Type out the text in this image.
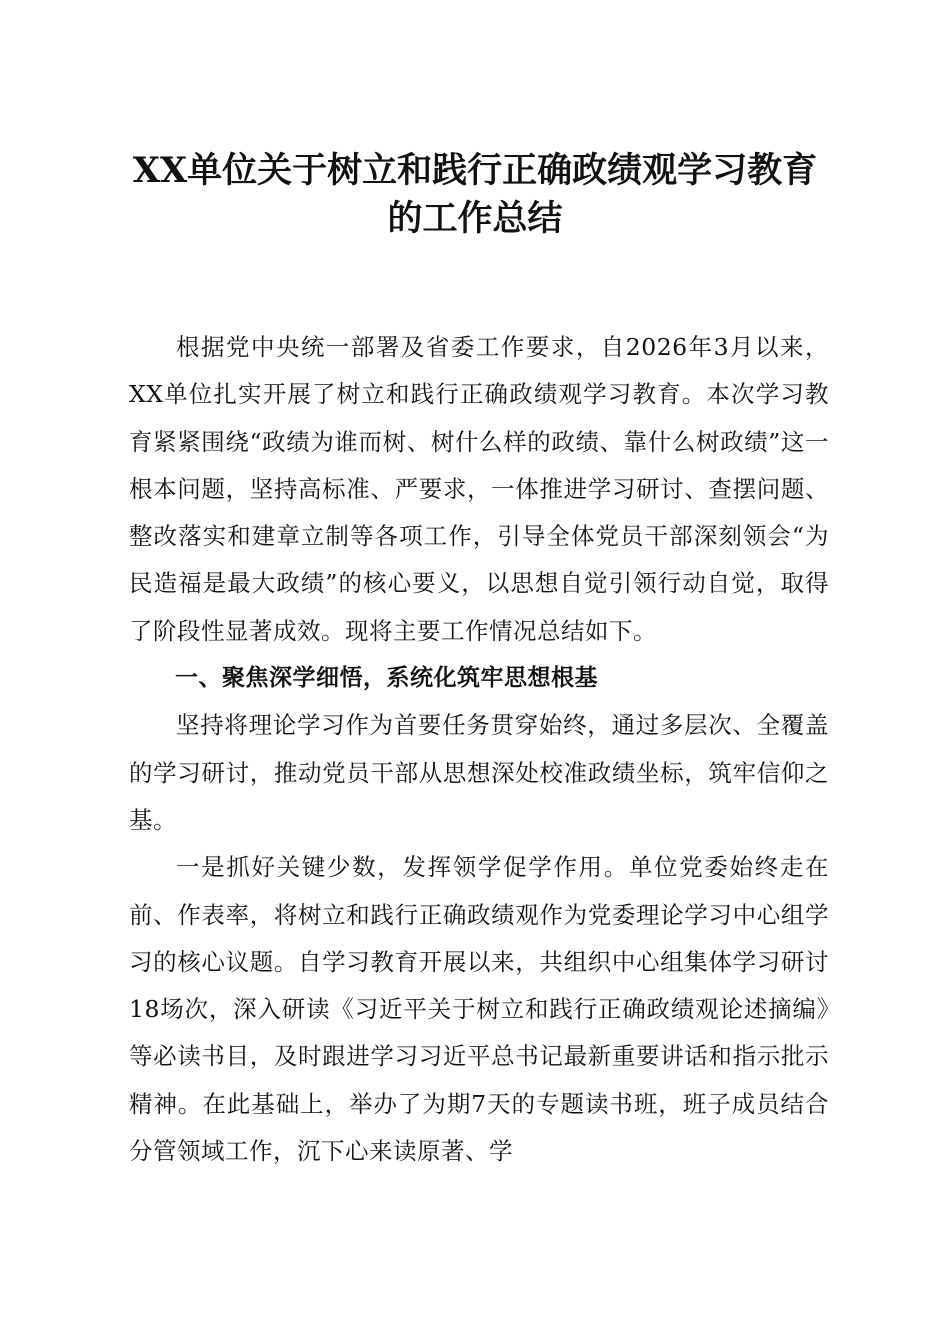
XX单位关于树立和践行正确政绩观学习教育
的工作总结

根据党中央统一部署及省委工作要求，自2026年3月以来，XX单位扎实开展了树立和践行正确政绩观学习教育。本次学习教育紧紧围绕“政绩为谁而树、树什么样的政绩、靠什么树政绩”这一根本问题，坚持高标准、严要求，一体推进学习研讨、查摆问题、整改落实和建章立制等各项工作，引导全体党员干部深刻领会“为民造福是最大政绩”的核心要义，以思想自觉引领行动自觉，取得了阶段性显著成效。现将主要工作情况总结如下。

一、聚焦深学细悟，系统化筑牢思想根基

坚持将理论学习作为首要任务贯穿始终，通过多层次、全覆盖的学习研讨，推动党员干部从思想深处校准政绩坐标，筑牢信仰之基。

一是抓好关键少数，发挥领学促学作用。单位党委始终走在前、作表率，将树立和践行正确政绩观作为党委理论学习中心组学习的核心议题。自学习教育开展以来，共组织中心组集体学习研讨18场次，深入研读《习近平关于树立和践行正确政绩观论述摘编》等必读书目，及时跟进学习习近平总书记最新重要讲话和指示批示精神。在此基础上，举办了为期7天的专题读书班，班子成员结合分管领域工作，沉下心来读原著、学
